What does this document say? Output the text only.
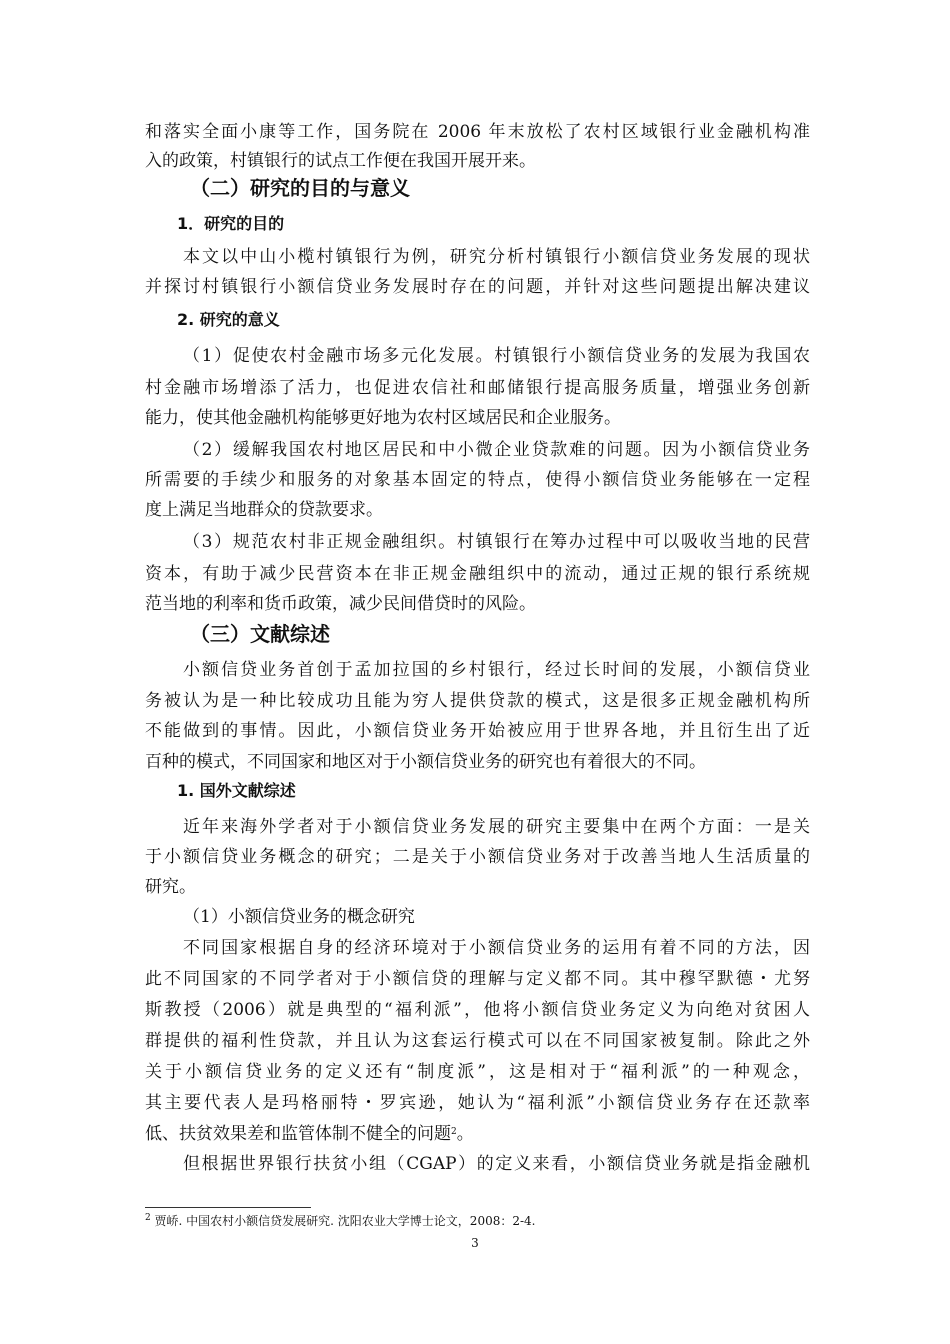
和落实全面小康等工作，国务院在 2006 年末放松了农村区域银行业金融机构准
入的政策，村镇银行的试点工作便在我国开展开来。
（二）研究的目的与意义
1．研究的目的
本文以中山小榄村镇银行为例，研究分析村镇银行小额信贷业务发展的现状
并探讨村镇银行小额信贷业务发展时存在的问题，并针对这些问题提出解决建议
2. 研究的意义
（1）促使农村金融市场多元化发展。村镇银行小额信贷业务的发展为我国农
村金融市场增添了活力，也促进农信社和邮储银行提高服务质量，增强业务创新
能力，使其他金融机构能够更好地为农村区域居民和企业服务。
（2）缓解我国农村地区居民和中小微企业贷款难的问题。因为小额信贷业务
所需要的手续少和服务的对象基本固定的特点，使得小额信贷业务能够在一定程
度上满足当地群众的贷款要求。
（3）规范农村非正规金融组织。村镇银行在筹办过程中可以吸收当地的民营
资本，有助于减少民营资本在非正规金融组织中的流动，通过正规的银行系统规
范当地的利率和货币政策，减少民间借贷时的风险。
（三）文献综述
小额信贷业务首创于孟加拉国的乡村银行，经过长时间的发展，小额信贷业
务被认为是一种比较成功且能为穷人提供贷款的模式，这是很多正规金融机构所
不能做到的事情。因此，小额信贷业务开始被应用于世界各地，并且衍生出了近
百种的模式，不同国家和地区对于小额信贷业务的研究也有着很大的不同。
1. 国外文献综述
近年来海外学者对于小额信贷业务发展的研究主要集中在两个方面：一是关
于小额信贷业务概念的研究；二是关于小额信贷业务对于改善当地人生活质量的
研究。
（1）小额信贷业务的概念研究
不同国家根据自身的经济环境对于小额信贷业务的运用有着不同的方法，因
此不同国家的不同学者对于小额信贷的理解与定义都不同。其中穆罕默德・尤努
斯教授（2006）就是典型的“福利派”，他将小额信贷业务定义为向绝对贫困人
群提供的福利性贷款，并且认为这套运行模式可以在不同国家被复制。除此之外
关于小额信贷业务的定义还有“制度派”，这是相对于“福利派”的一种观念，
其主要代表人是玛格丽特・罗宾逊，她认为“福利派”小额信贷业务存在还款率
低、扶贫效果差和监管体制不健全的问题$^2$。
但根据世界银行扶贫小组（CGAP）的定义来看，小额信贷业务就是指金融机
$^2$ 贾峤. 中国农村小额信贷发展研究. 沈阳农业大学博士论文，2008：2-4.
3
